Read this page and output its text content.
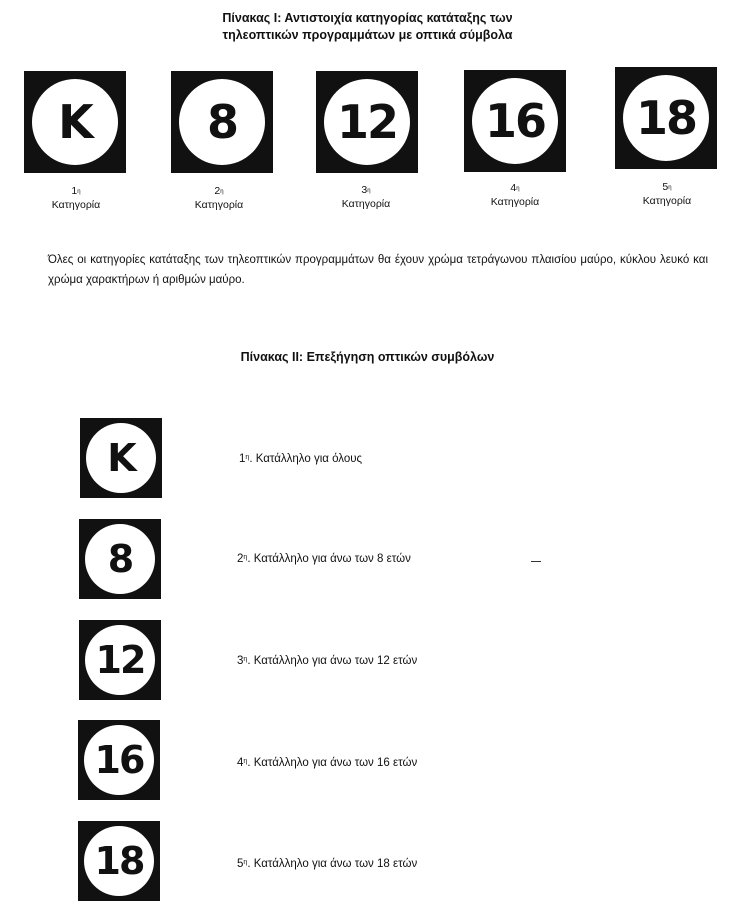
Πίνακας Ι: Αντιστοιχία κατηγορίας κατάταξης των
τηλεοπτικών προγραμμάτων με οπτικά σύμβολα
K	8 12 16 18
$1^\eta$
Κατηγορία
$2^\eta$
Κατηγορία
$3^\eta$
Κατηγορία
$4^\eta$
Κατηγορία
$5^\eta$
Κατηγορία
Όλες οι κατηγορίες κατάταξης των τηλεοπτικών προγραμμάτων θα έχουν χρώμα τετράγωνου πλαισίου μαύρο, κύκλου λευκό και χρώμα χαρακτήρων ή αριθμών μαύρο.
Πίνακας ΙΙ: Επεξήγηση οπτικών συμβόλων
K
8
12
16
18
$1^\eta$. Κατάλληλο για όλους
$2^\eta$. Κατάλληλο για άνω των 8 ετών
$3^\eta$. Κατάλληλο για άνω των 12 ετών
$4^\eta$. Κατάλληλο για άνω των 16 ετών
$5^\eta$. Κατάλληλο για άνω των 18 ετών
